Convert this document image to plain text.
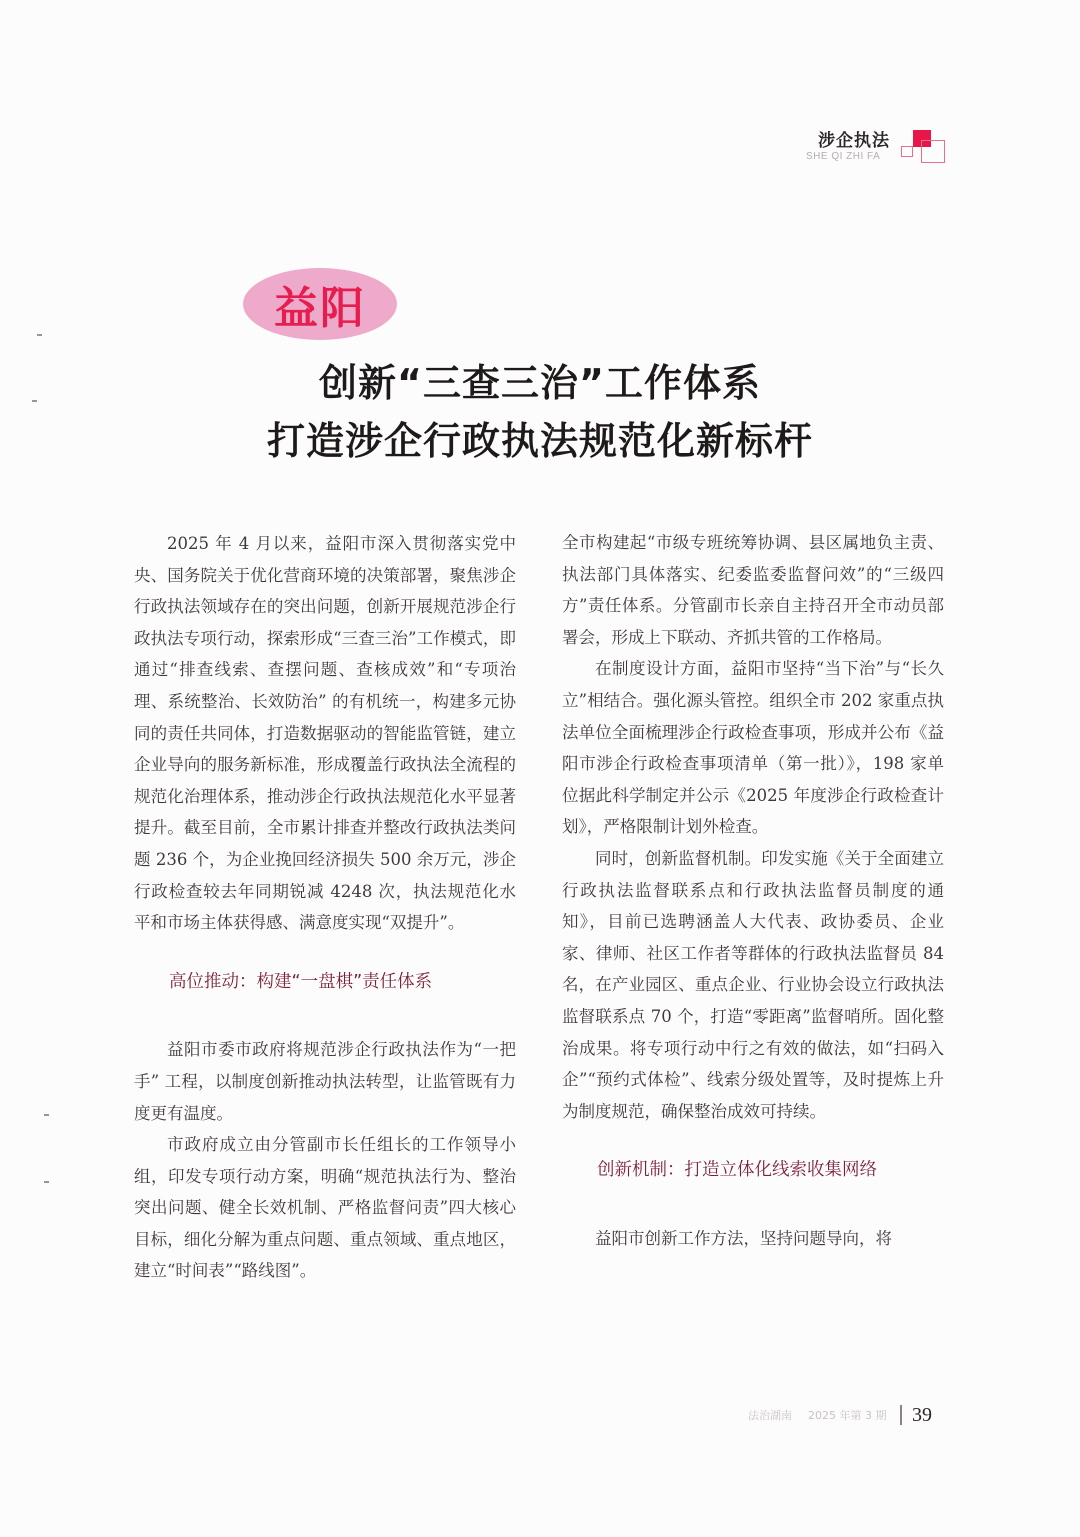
涉企执法
SHE QI ZHI FA
益阳
创新“三查三治”工作体系
打造涉企行政执法规范化新标杆

2025 年 4 月以来，益阳市深入贯彻落实党中央、国务院关于优化营商环境的决策部署，聚焦涉企行政执法领域存在的突出问题，创新开展规范涉企行政执法专项行动，探索形成“三查三治”工作模式，即通过“排查线索、查摆问题、查核成效”和“专项治理、系统整治、长效防治” 的有机统一，构建多元协同的责任共同体，打造数据驱动的智能监管链，建立企业导向的服务新标准，形成覆盖行政执法全流程的规范化治理体系，推动涉企行政执法规范化水平显著提升。截至目前，全市累计排查并整改行政执法类问题 236 个，为企业挽回经济损失 500 余万元，涉企行政检查较去年同期锐减 4248 次，执法规范化水平和市场主体获得感、满意度实现“双提升”。

高位推动：构建“一盘棋”责任体系

益阳市委市政府将规范涉企行政执法作为“一把手” 工程，以制度创新推动执法转型，让监管既有力度更有温度。

市政府成立由分管副市长任组长的工作领导小组，印发专项行动方案，明确“规范执法行为、整治突出问题、健全长效机制、严格监督问责”四大核心目标，细化分解为重点问题、重点领域、重点地区，建立“时间表”“路线图”。

全市构建起“市级专班统筹协调、县区属地负主责、执法部门具体落实、纪委监委监督问效”的“三级四方”责任体系。分管副市长亲自主持召开全市动员部署会，形成上下联动、齐抓共管的工作格局。

在制度设计方面，益阳市坚持“当下治”与“长久立”相结合。强化源头管控。组织全市 202 家重点执法单位全面梳理涉企行政检查事项，形成并公布《益阳市涉企行政检查事项清单（第一批）》，198 家单位据此科学制定并公示《2025 年度涉企行政检查计划》，严格限制计划外检查。

同时，创新监督机制。印发实施《关于全面建立行政执法监督联系点和行政执法监督员制度的通知》，目前已选聘涵盖人大代表、政协委员、企业家、律师、社区工作者等群体的行政执法监督员 84 名，在产业园区、重点企业、行业协会设立行政执法监督联系点 70 个，打造“零距离”监督哨所。固化整治成果。将专项行动中行之有效的做法，如“扫码入企”“预约式体检”、线索分级处置等，及时提炼上升为制度规范，确保整治成效可持续。

创新机制：打造立体化线索收集网络

益阳市创新工作方法，坚持问题导向，将

法治湖南 2025 年第 3 期 39
